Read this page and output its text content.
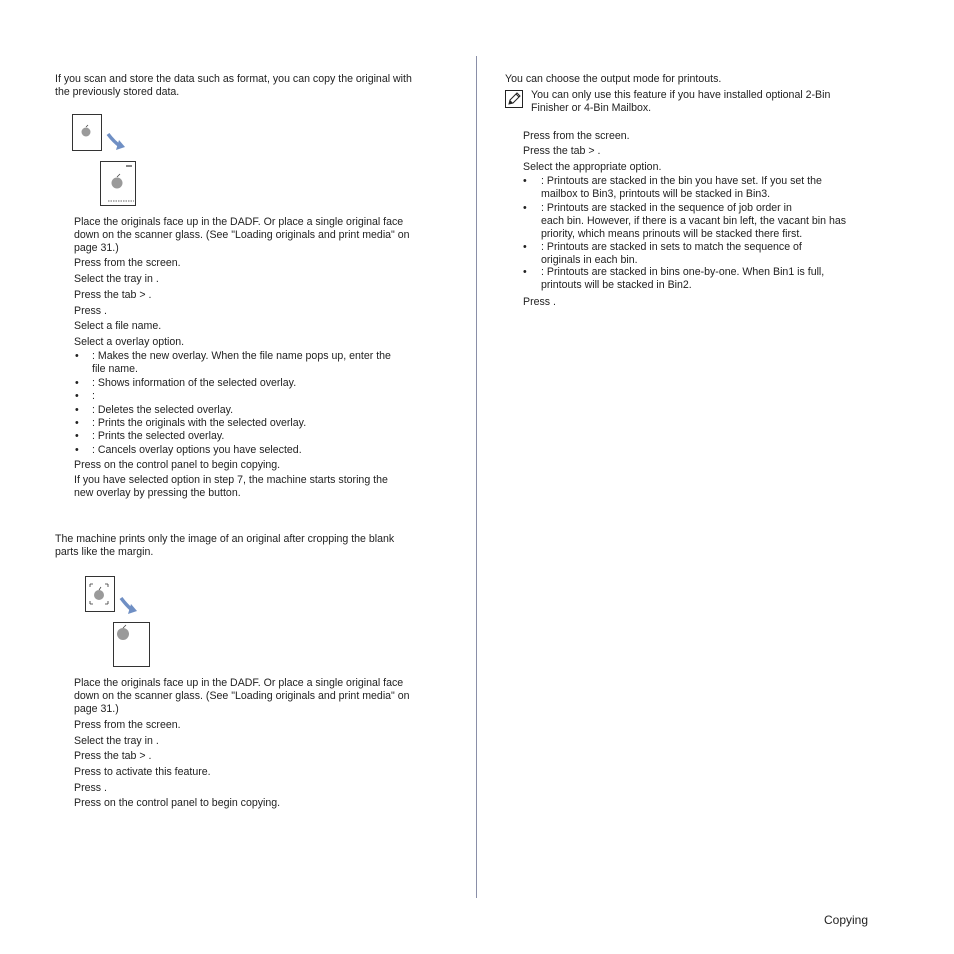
If you scan and store the data such as format, you can copy the original with
the previously stored data.
Place the originals face up in the DADF. Or place a single original face
down on the scanner glass. (See "Loading originals and print media" on
page 31.)
Press from the screen.
Select the tray in .
Press the tab > .
Press .
Select a file name.
Select a overlay option.
• : Makes the new overlay. When the file name pops up, enter the
file name.
• : Shows information of the selected overlay.
• :
• : Deletes the selected overlay.
• : Prints the originals with the selected overlay.
• : Prints the selected overlay.
• : Cancels overlay options you have selected.
Press on the control panel to begin copying.
If you have selected option in step 7, the machine starts storing the
new overlay by pressing the button.
The machine prints only the image of an original after cropping the blank
parts like the margin.
Place the originals face up in the DADF. Or place a single original face
down on the scanner glass. (See "Loading originals and print media" on
page 31.)
Press from the screen.
Select the tray in .
Press the tab > .
Press to activate this feature.
Press .
Press on the control panel to begin copying.
You can choose the output mode for printouts.
You can only use this feature if you have installed optional 2-Bin
Finisher or 4-Bin Mailbox.
Press from the screen.
Press the tab > .
Select the appropriate option.
• : Printouts are stacked in the bin you have set. If you set the
mailbox to Bin3, printouts will be stacked in Bin3.
• : Printouts are stacked in the sequence of job order in
each bin. However, if there is a vacant bin left, the vacant bin has
priority, which means prinouts will be stacked there first.
• : Printouts are stacked in sets to match the sequence of
originals in each bin.
• : Printouts are stacked in bins one-by-one. When Bin1 is full,
printouts will be stacked in Bin2.
Press .
Copying
